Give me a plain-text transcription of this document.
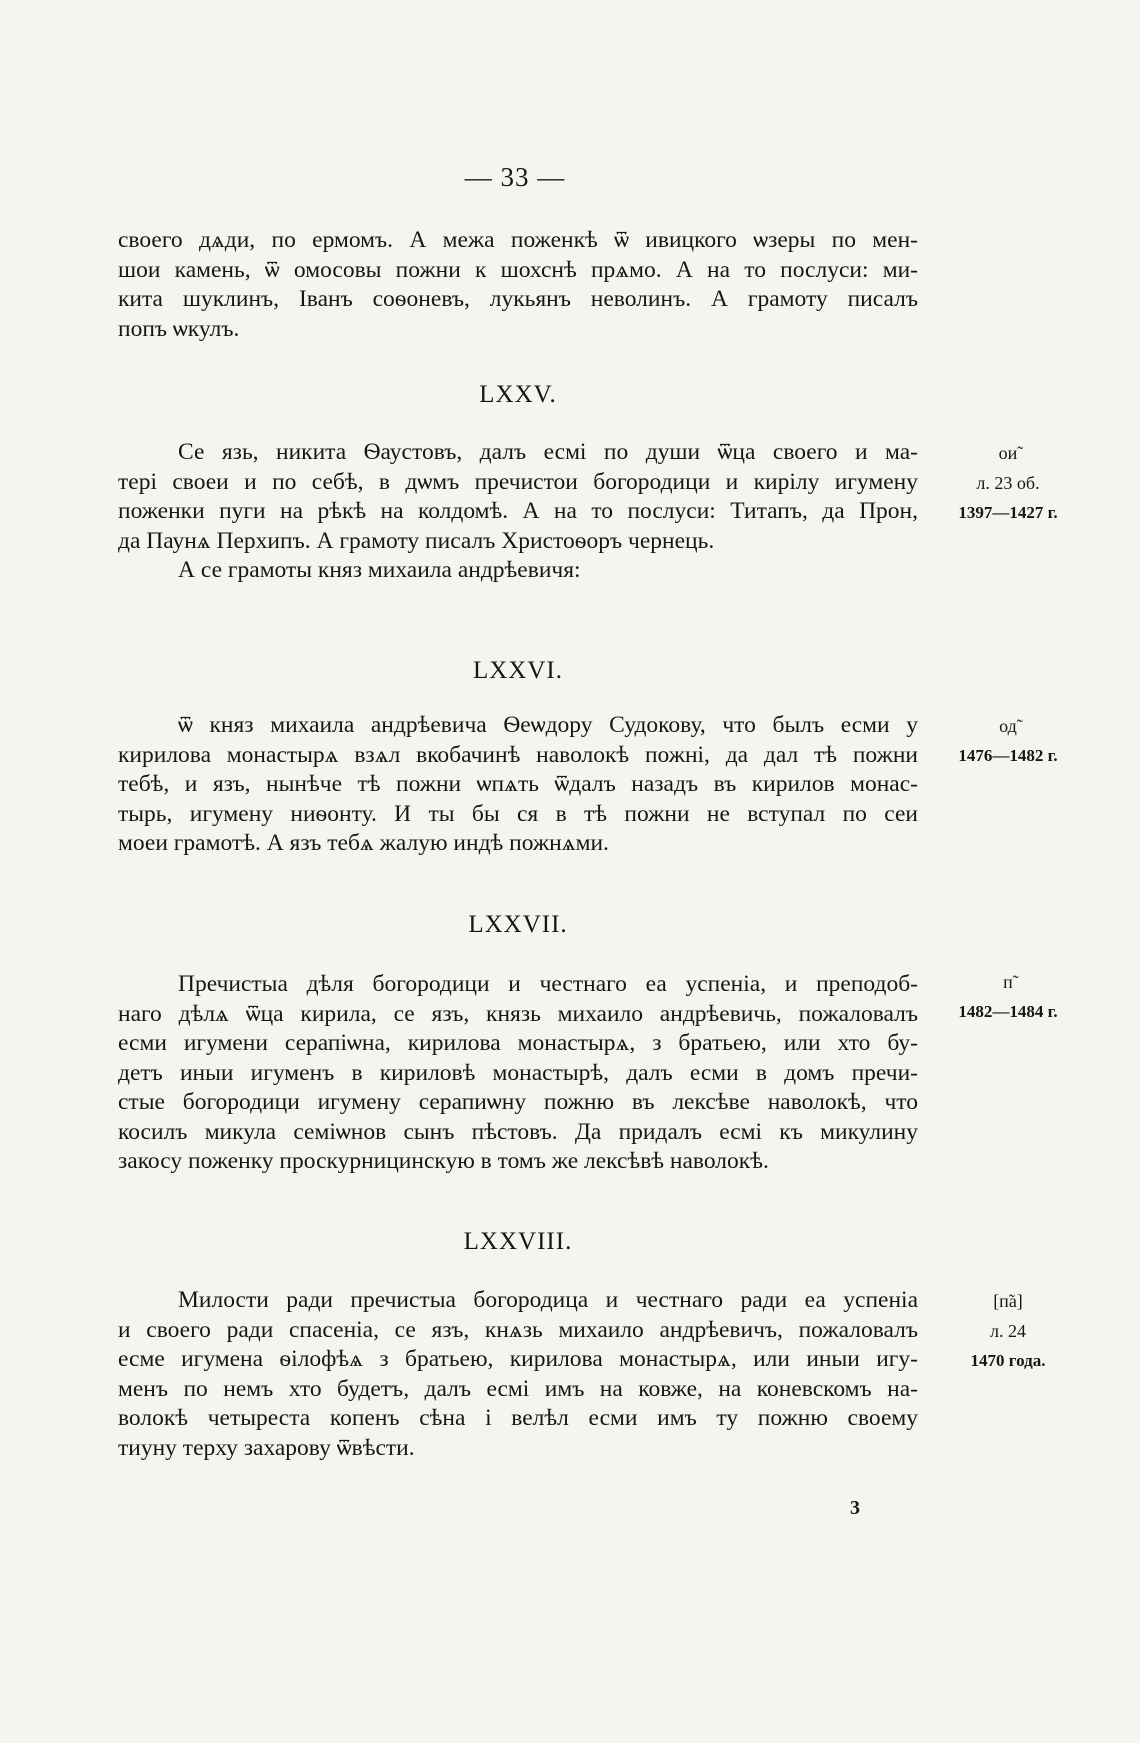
— 33 —
своего дѧди, по ермомъ. А межа поженкѣ ѿ ивицкого ѡзеры по мен-
шои камень, ѿ омосовы пожни к шохснѣ прѧмо. А на то послуси: ми-
кита шуклинъ, Іванъ соѳоневъ, лукьянъ неволинъ. А грамоту писалъ
попъ ѡкулъ.
LXXV.
Се язь, никита Ѳаустовъ, далъ есмі по души ѿца своего и ма-
тері своеи и по себѣ, в дѡмъ пречистои богородици и кирілу игумену
поженки пуги на рѣкѣ на колдомѣ. А на то послуси: Титапъ, да Прон,
да Паунѧ Перхипъ. А грамоту писалъ Христоѳоръ чернець.
А се грамоты княз михаила андрѣевичя:
ои̃
л. 23 об.
1397—1427 г.
LXXVI.
ѿ княз михаила андрѣевича Ѳеѡдору Судокову, что былъ есми у
кирилова монастырѧ взѧл вкобачинѣ наволокѣ пожні, да дал тѣ пожни
тебѣ, и язъ, нынѣче тѣ пожни ѡпѧть ѿдалъ назадъ въ кирилов монас-
тырь, игумену ниѳонту. И ты бы ся в тѣ пожни не вступал по сеи
моеи грамотѣ. А язъ тебѧ жалую индѣ пожнѧми.
од̃
1476—1482 г.
LXXVII.
Пречистыа дѣля богородици и честнаго еа успеніа, и преподоб-
наго дѣлѧ ѿца кирила, се язъ, князь михаило андрѣевичь, пожаловалъ
есми игумени серапіѡна, кирилова монастырѧ, з братьею, или хто бу-
детъ иныи игуменъ в кириловѣ монастырѣ, далъ есми в домъ пречи-
стые богородици игумену серапиѡну пожню въ лексѣве наволокѣ, что
косилъ микула семіѡнов сынъ пѣстовъ. Да придалъ есмі къ микулину
закосу поженку проскурницинскую в томъ же лексѣвѣ наволокѣ.
п̃
1482—1484 г.
LXXVIII.
Милости ради пречистыа богородица и честнаго ради еа успеніа
и своего ради спасеніа, се язъ, кнѧзь михаило андрѣевичъ, пожаловалъ
есме игумена ѳілофѣѧ з братьею, кирилова монастырѧ, или иныи игу-
менъ по немъ хто будетъ, далъ есмі имъ на ковже, на коневскомъ на-
волокѣ четыреста копенъ сѣна і велѣл есми имъ ту пожню своему
тиуну терху захарову ѿвѣсти.
[п̃а]
л. 24
1470 года.
3
